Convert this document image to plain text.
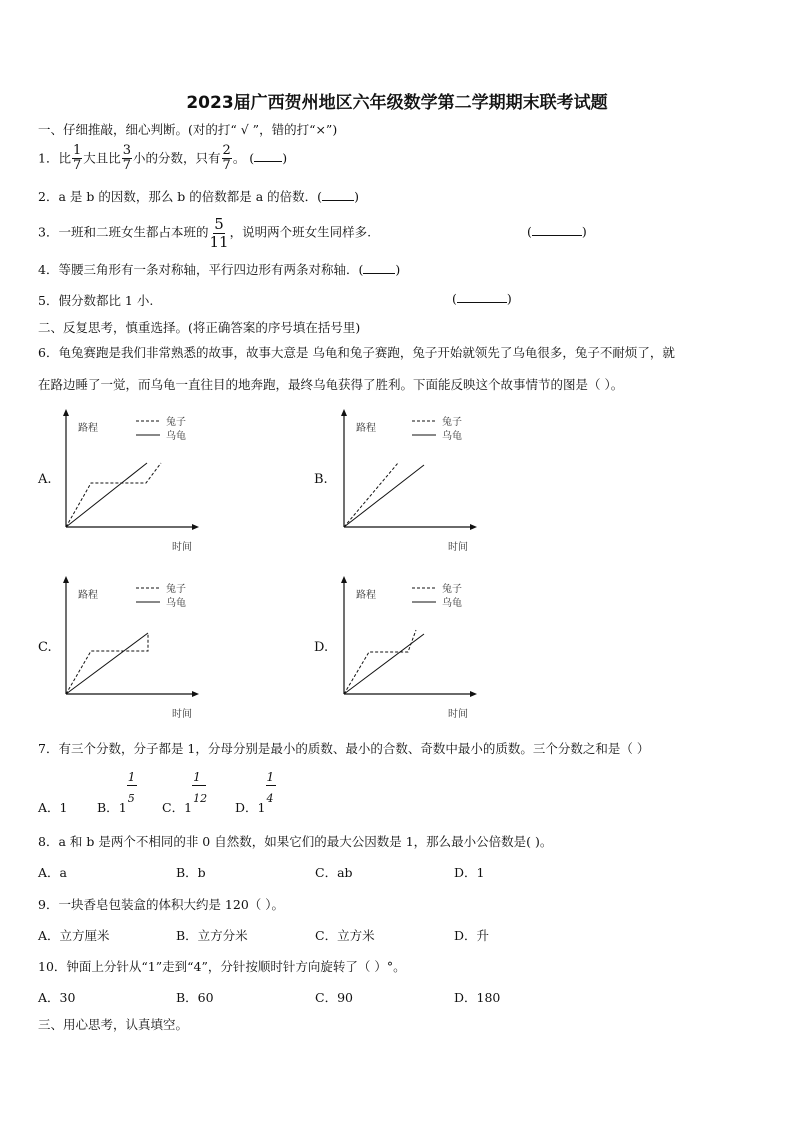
2023届广西贺州地区六年级数学第二学期期末联考试题
一、仔细推敲，细心判断。(对的打“ √ ”，错的打“×”)
1．比 $\frac{1}{7}$ 大且比 $\frac{3}{7}$ 小的分数，只有 $\frac{2}{7}$ 。 ( )
2．a 是 b 的因数，那么 b 的倍数都是 a 的倍数．(	)
3．一班和二班女生都占本班的 $\frac{5}{11}$ ，说明两个班女生同样多.	(	)
4．等腰三角形有一条对称轴，平行四边形有两条对称轴．(	)
5．假分数都比 1 小.	(	)
二、反复思考，慎重选择。(将正确答案的序号填在括号里)
6．龟兔赛跑是我们非常熟悉的故事，故事大意是 乌龟和兔子赛跑，兔子开始就领先了乌龟很多，兔子不耐烦了，就
在路边睡了一觉，而乌龟一直往目的地奔跑，最终乌龟获得了胜利。下面能反映这个故事情节的图是（ ）。
A.
路程
时间
兔子
乌龟
B.
路程
时间
兔子
乌龟
C.
路程
时间
兔子
乌龟
D.
路程
时间
兔子
乌龟
7．有三个分数，分子都是 1，分母分别是最小的质数、最小的合数、奇数中最小的质数。三个分数之和是（ ）
A．1 B．1
1
5
C．1
1
12
D．1
1
4
8．a 和 b 是两个不相同的非 0 自然数，如果它们的最大公因数是 1，那么最小公倍数是( )。
A．a	B．b	C．ab	D．1
9．一块香皂包装盒的体积大约是 120（ ）。
A．立方厘米	B．立方分米	C．立方米	D．升
10．钟面上分针从“1”走到“4”，分针按顺时针方向旋转了（ ）°。
A．30	B．60	C．90	D．180
三、用心思考，认真填空。
